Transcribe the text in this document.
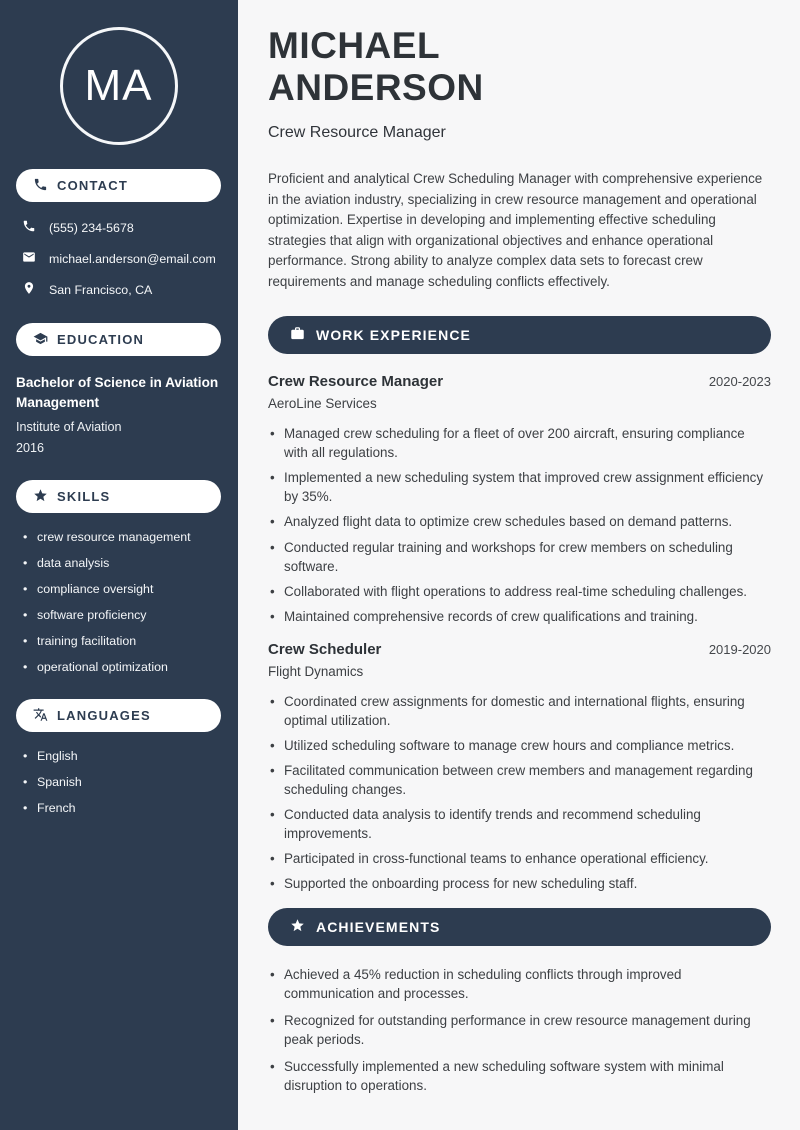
MA
CONTACT
(555) 234-5678
michael.anderson@email.com
San Francisco, CA
EDUCATION
Bachelor of Science in Aviation Management
Institute of Aviation
2016
SKILLS
• crew resource management
• data analysis
• compliance oversight
• software proficiency
• training facilitation
• operational optimization
LANGUAGES
• English
• Spanish
• French
MICHAEL
ANDERSON
Crew Resource Manager

Proficient and analytical Crew Scheduling Manager with comprehensive experience in the aviation industry, specializing in crew resource management and operational optimization. Expertise in developing and implementing effective scheduling strategies that align with organizational objectives and enhance operational performance. Strong ability to analyze complex data sets to forecast crew requirements and manage scheduling conflicts effectively.

WORK EXPERIENCE
Crew Resource Manager	2020-2023
AeroLine Services
• Managed crew scheduling for a fleet of over 200 aircraft, ensuring compliance with all regulations.
• Implemented a new scheduling system that improved crew assignment efficiency by 35%.
• Analyzed flight data to optimize crew schedules based on demand patterns.
• Conducted regular training and workshops for crew members on scheduling software.
• Collaborated with flight operations to address real-time scheduling challenges.
• Maintained comprehensive records of crew qualifications and training.
Crew Scheduler	2019-2020
Flight Dynamics
• Coordinated crew assignments for domestic and international flights, ensuring optimal utilization.
• Utilized scheduling software to manage crew hours and compliance metrics.
• Facilitated communication between crew members and management regarding scheduling changes.
• Conducted data analysis to identify trends and recommend scheduling improvements.
• Participated in cross-functional teams to enhance operational efficiency.
• Supported the onboarding process for new scheduling staff.
ACHIEVEMENTS
• Achieved a 45% reduction in scheduling conflicts through improved communication and processes.
• Recognized for outstanding performance in crew resource management during peak periods.
• Successfully implemented a new scheduling software system with minimal disruption to operations.
